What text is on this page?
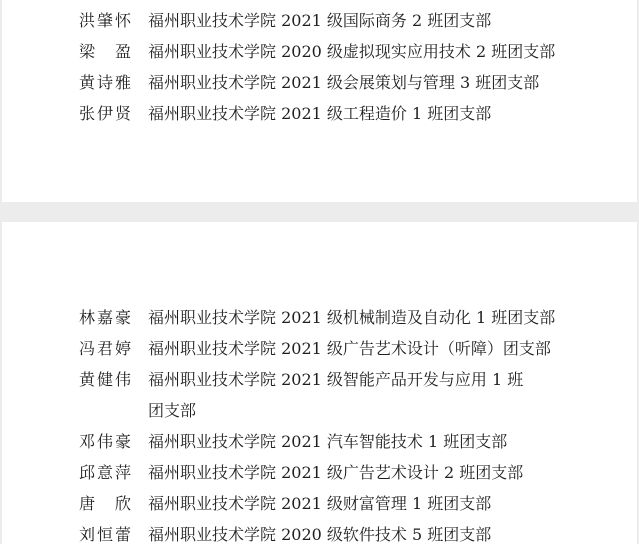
洪肇怀 福州职业技术学院 2021 级国际商务 2 班团支部
梁　盈 福州职业技术学院 2020 级虚拟现实应用技术 2 班团支部
黄诗雅 福州职业技术学院 2021 级会展策划与管理 3 班团支部
张伊贤 福州职业技术学院 2021 级工程造价 1 班团支部
林嘉豪 福州职业技术学院 2021 级机械制造及自动化 1 班团支部
冯君婷 福州职业技术学院 2021 级广告艺术设计（听障）团支部
黄健伟 福州职业技术学院 2021 级智能产品开发与应用 1 班
团支部
邓伟豪 福州职业技术学院 2021 汽车智能技术 1 班团支部
邱意萍 福州职业技术学院 2021 级广告艺术设计 2 班团支部
唐　欣 福州职业技术学院 2021 级财富管理 1 班团支部
刘恒蕾 福州职业技术学院 2020 级软件技术 5 班团支部
